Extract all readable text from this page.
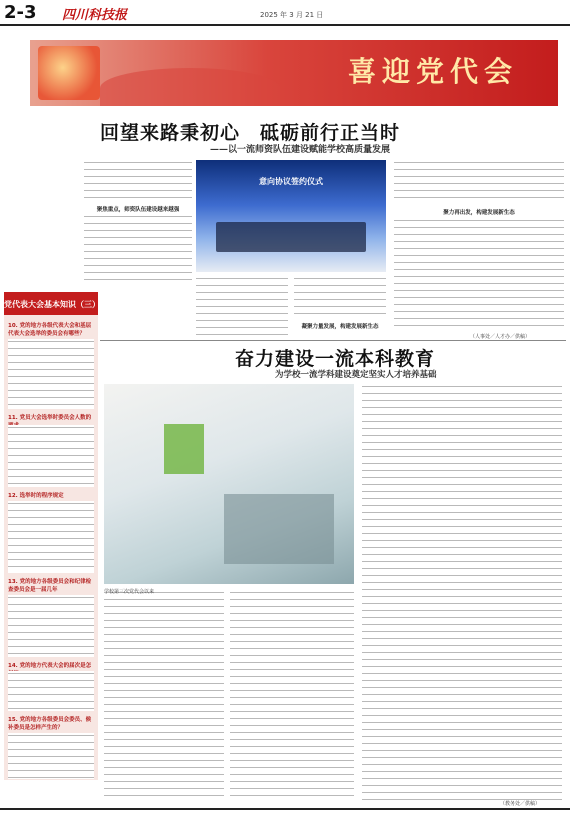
2-3 四川科技报	2025 年 3 月 21 日
喜迎党代会
回望来路秉初心　砥砺前行正当时
——以一流师资队伍建设赋能学校高质量发展
聚焦重点，师资队伍建设越来越强
意向协议签约仪式
凝聚力量发展，构建发展新生态
聚力再出发，构建发展新生态
（人事处／人才办／供稿）
党代表大会基本知识（三）
10. 党的地方各级代表大会和基层代表大会选举的委员会有哪些？
11. 党员大会选举时委员会人数的
12. 选举时的程序规定
13. 党的地方各级委员会和纪律检查委员会是一届几年
14. 党的地方代表大会的届次是怎
15. 党的地方各级委员会委员、候补委员是怎样产生的？
奋力建设一流本科教育
为学校一流学科建设奠定坚实人才培养基础
学校第三次党代会以来
（教务处／供稿）
